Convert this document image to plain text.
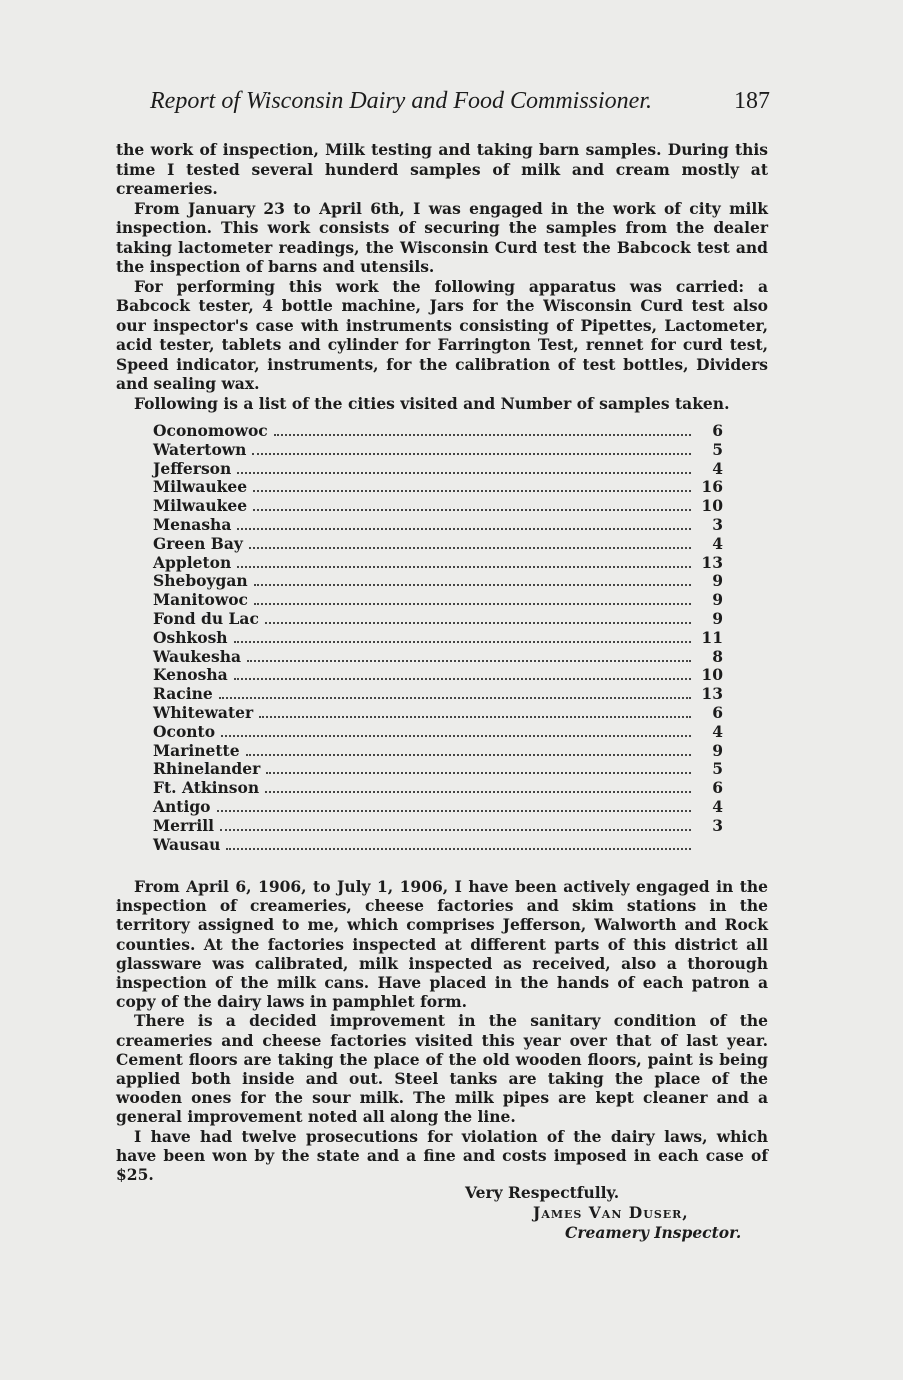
Report of Wisconsin Dairy and Food Commissioner.	187

the work of inspection, Milk testing and taking barn samples. During this time I tested several hunderd samples of milk and cream mostly at creameries.

From January 23 to April 6th, I was engaged in the work of city milk inspection. This work consists of securing the samples from the dealer taking lactometer readings, the Wisconsin Curd test the Babcock test and the inspection of barns and utensils.

For performing this work the following apparatus was carried: a Babcock tester, 4 bottle machine, Jars for the Wisconsin Curd test also our inspector's case with instruments consisting of Pipettes, Lactometer, acid tester, tablets and cylinder for Farrington Test, rennet for curd test, Speed indicator, instruments, for the calibration of test bottles, Dividers and sealing wax.

Following is a list of the cities visited and Number of samples taken.

Oconomowoc	6
Watertown	5
Jefferson	4
Milwaukee	16
Milwaukee	10
Menasha	3
Green Bay	4
Appleton	13
Sheboygan	9
Manitowoc	9
Fond du Lac	9
Oshkosh	11
Waukesha	8
Kenosha	10
Racine	13
Whitewater	6
Oconto	4
Marinette	9
Rhinelander	5
Ft. Atkinson	6
Antigo	4
Merrill	3
Wausau

From April 6, 1906, to July 1, 1906, I have been actively engaged in the inspection of creameries, cheese factories and skim stations in the territory assigned to me, which comprises Jefferson, Walworth and Rock counties. At the factories inspected at different parts of this district all glassware was calibrated, milk inspected as received, also a thorough inspection of the milk cans. Have placed in the hands of each patron a copy of the dairy laws in pamphlet form.

There is a decided improvement in the sanitary condition of the creameries and cheese factories visited this year over that of last year. Cement floors are taking the place of the old wooden floors, paint is being applied both inside and out. Steel tanks are taking the place of the wooden ones for the sour milk. The milk pipes are kept cleaner and a general improvement noted all along the line.

I have had twelve prosecutions for violation of the dairy laws, which have been won by the state and a fine and costs imposed in each case of $25.

Very Respectfully.
James Van Duser,
Creamery Inspector.
